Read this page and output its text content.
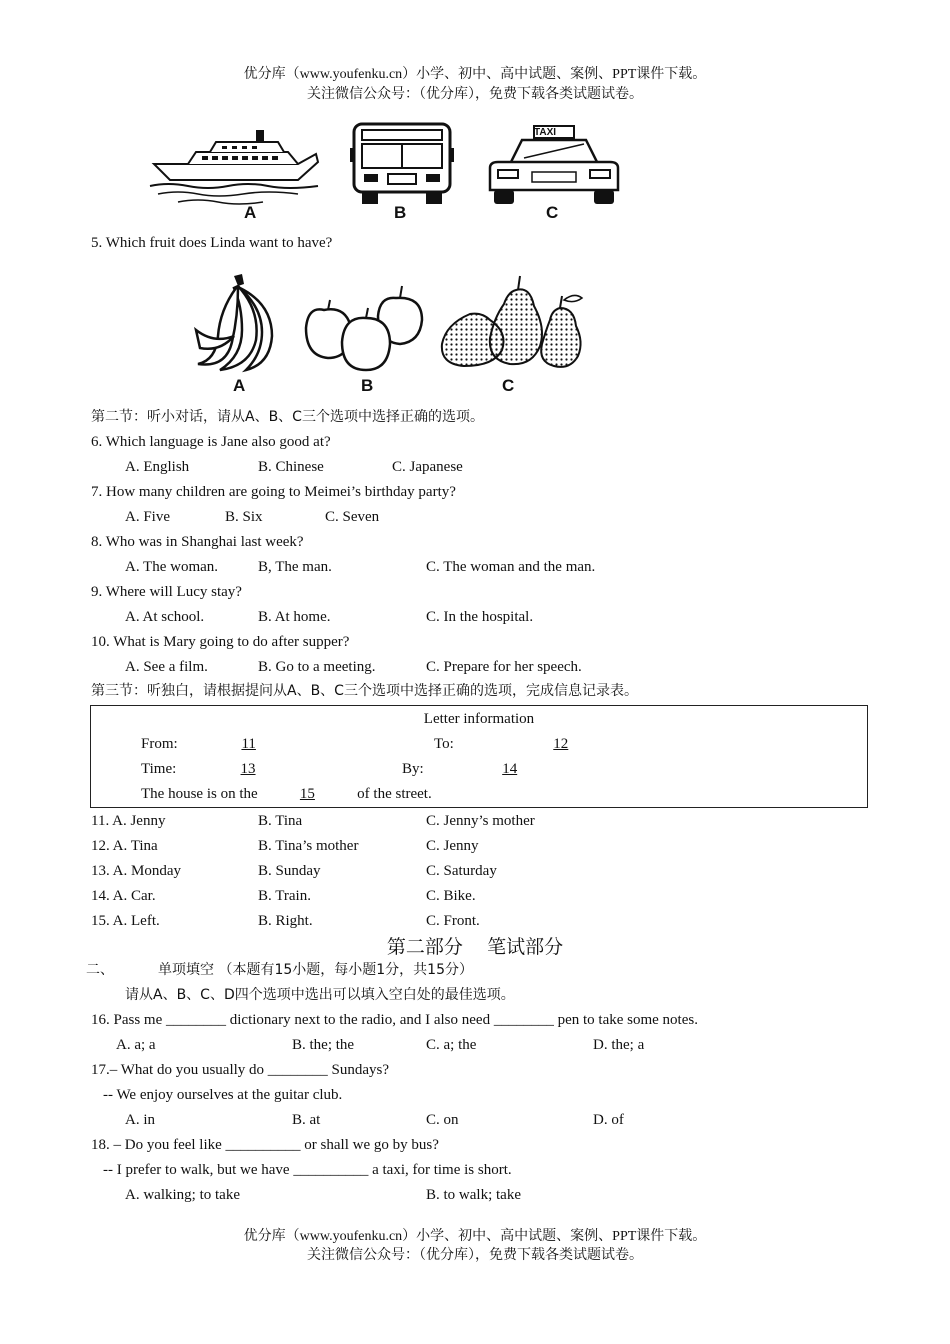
优分库（www.youfenku.cn）小学、初中、高中试题、案例、PPT课件下载。
关注微信公众号：（优分库），免费下载各类试题试卷。
A	B
TAXI
C
5. Which fruit does Linda want to have?
A	B	C
第二节：听小对话，请从A、B、C三个选项中选择正确的选项。
6. Which language is Jane also good at?
A. English	B. Chinese	C. Japanese
7. How many children are going to Meimei’s birthday party?
A. Five	B. Six	C. Seven
8. Who was in Shanghai last week?
A. The woman.	B, The man.	C. The woman and the man.
9. Where will Lucy stay?
A. At school.	B. At home.	C. In the hospital.
10. What is Mary going to do after supper?
A. See a film.	B. Go to a meeting.	C. Prepare for her speech.
第三节：听独白，请根据提问从A、B、C三个选项中选择正确的选项，完成信息记录表。
Letter information
From:	11	To:	12
Time:	13	By:	14
The house is on the	15	of the street.
11. A. Jenny	B. Tina	C. Jenny’s mother
12. A. Tina	B. Tina’s mother	C. Jenny
13. A. Monday	B. Sunday	C. Saturday
14. A. Car.	B. Train.	C. Bike.
15. A. Left.	B. Right.	C. Front.
第二部分    笔试部分
二、	单项填空 （本题有15小题，每小题1分，共15分）
请从A、B、C、D四个选项中选出可以填入空白处的最佳选项。
16. Pass me ________ dictionary next to the radio, and I also need ________ pen to take some notes.
A. a; a	B. the; the	C. a; the	D. the; a
17.– What do you usually do ________ Sundays?
-- We enjoy ourselves at the guitar club.
A. in	B. at	C. on	D. of
18. – Do you feel like __________ or shall we go by bus?
-- I prefer to walk, but we have __________ a taxi, for time is short.
A. walking; to take	B. to walk; take
优分库（www.youfenku.cn）小学、初中、高中试题、案例、PPT课件下载。
关注微信公众号：（优分库），免费下载各类试题试卷。
